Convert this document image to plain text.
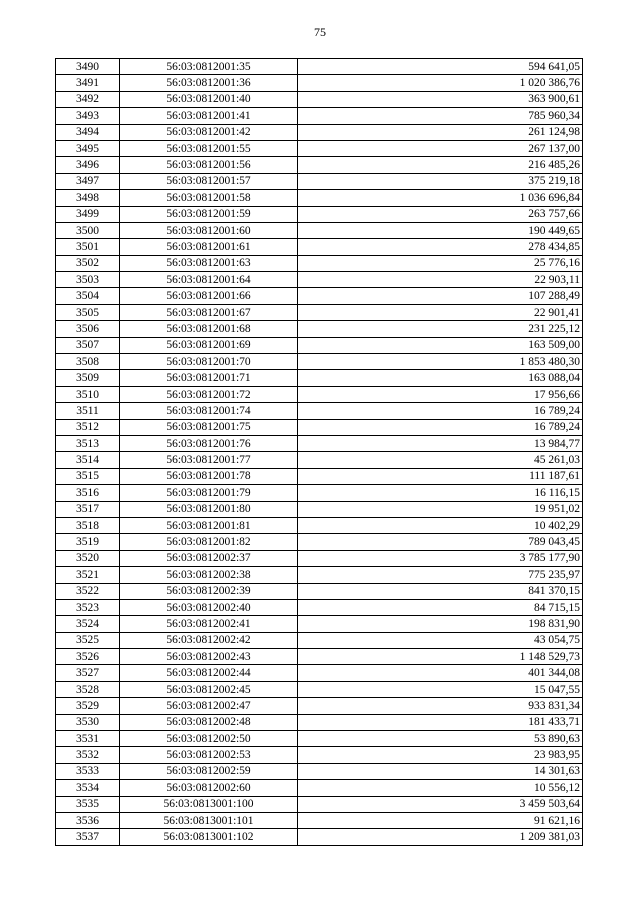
75
3490	56:03:0812001:35	594 641,05
3491	56:03:0812001:36	1 020 386,76
3492	56:03:0812001:40	363 900,61
3493	56:03:0812001:41	785 960,34
3494	56:03:0812001:42	261 124,98
3495	56:03:0812001:55	267 137,00
3496	56:03:0812001:56	216 485,26
3497	56:03:0812001:57	375 219,18
3498	56:03:0812001:58	1 036 696,84
3499	56:03:0812001:59	263 757,66
3500	56:03:0812001:60	190 449,65
3501	56:03:0812001:61	278 434,85
3502	56:03:0812001:63	25 776,16
3503	56:03:0812001:64	22 903,11
3504	56:03:0812001:66	107 288,49
3505	56:03:0812001:67	22 901,41
3506	56:03:0812001:68	231 225,12
3507	56:03:0812001:69	163 509,00
3508	56:03:0812001:70	1 853 480,30
3509	56:03:0812001:71	163 088,04
3510	56:03:0812001:72	17 956,66
3511	56:03:0812001:74	16 789,24
3512	56:03:0812001:75	16 789,24
3513	56:03:0812001:76	13 984,77
3514	56:03:0812001:77	45 261,03
3515	56:03:0812001:78	111 187,61
3516	56:03:0812001:79	16 116,15
3517	56:03:0812001:80	19 951,02
3518	56:03:0812001:81	10 402,29
3519	56:03:0812001:82	789 043,45
3520	56:03:0812002:37	3 785 177,90
3521	56:03:0812002:38	775 235,97
3522	56:03:0812002:39	841 370,15
3523	56:03:0812002:40	84 715,15
3524	56:03:0812002:41	198 831,90
3525	56:03:0812002:42	43 054,75
3526	56:03:0812002:43	1 148 529,73
3527	56:03:0812002:44	401 344,08
3528	56:03:0812002:45	15 047,55
3529	56:03:0812002:47	933 831,34
3530	56:03:0812002:48	181 433,71
3531	56:03:0812002:50	53 890,63
3532	56:03:0812002:53	23 983,95
3533	56:03:0812002:59	14 301,63
3534	56:03:0812002:60	10 556,12
3535	56:03:0813001:100	3 459 503,64
3536	56:03:0813001:101	91 621,16
3537	56:03:0813001:102	1 209 381,03
